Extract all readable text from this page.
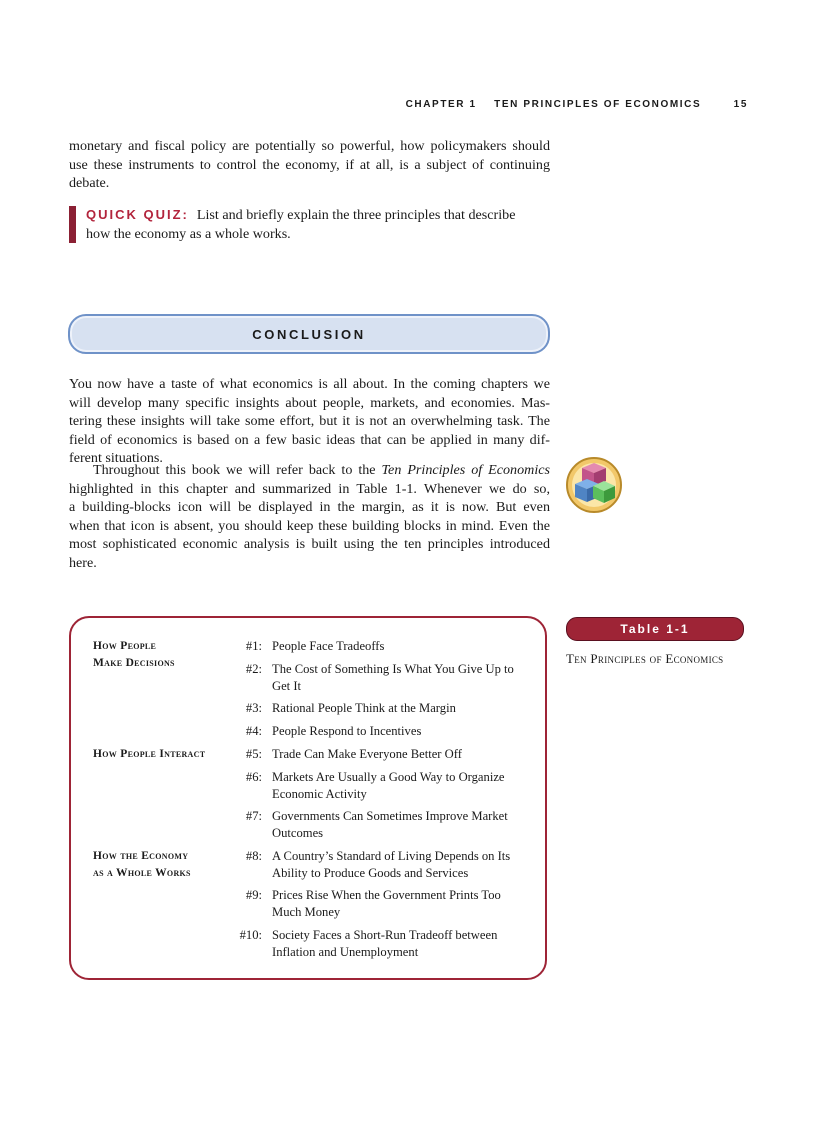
CHAPTER 1 TEN PRINCIPLES OF ECONOMICS	15

monetary and fiscal policy are potentially so powerful, how policymakers should
use these instruments to control the economy, if at all, is a subject of continuing
debate.

QUICK QUIZ: List and briefly explain the three principles that describe
how the economy as a whole works.
CONCLUSION

You now have a taste of what economics is all about. In the coming chapters we
will develop many specific insights about people, markets, and economies. Mas-
tering these insights will take some effort, but it is not an overwhelming task. The
field of economics is based on a few basic ideas that can be applied in many dif-
ferent situations.

Throughout this book we will refer back to the Ten Principles of Economics
highlighted in this chapter and summarized in Table 1-1. Whenever we do so,
a building-blocks icon will be displayed in the margin, as it is now. But even
when that icon is absent, you should keep these building blocks in mind. Even the
most sophisticated economic analysis is built using the ten principles introduced
here.

Table 1-1
Ten Principles of Economics
How People
Make Decisions
How People Interact
How the Economy
as a Whole Works
#1: People Face Tradeoffs
#2: The Cost of Something Is What You Give Up to
Get It
#3: Rational People Think at the Margin
#4: People Respond to Incentives
#5: Trade Can Make Everyone Better Off
#6: Markets Are Usually a Good Way to Organize
Economic Activity
#7: Governments Can Sometimes Improve Market
Outcomes
#8: A Country’s Standard of Living Depends on Its
Ability to Produce Goods and Services
#9: Prices Rise When the Government Prints Too
Much Money
#10: Society Faces a Short-Run Tradeoff between
Inflation and Unemployment
